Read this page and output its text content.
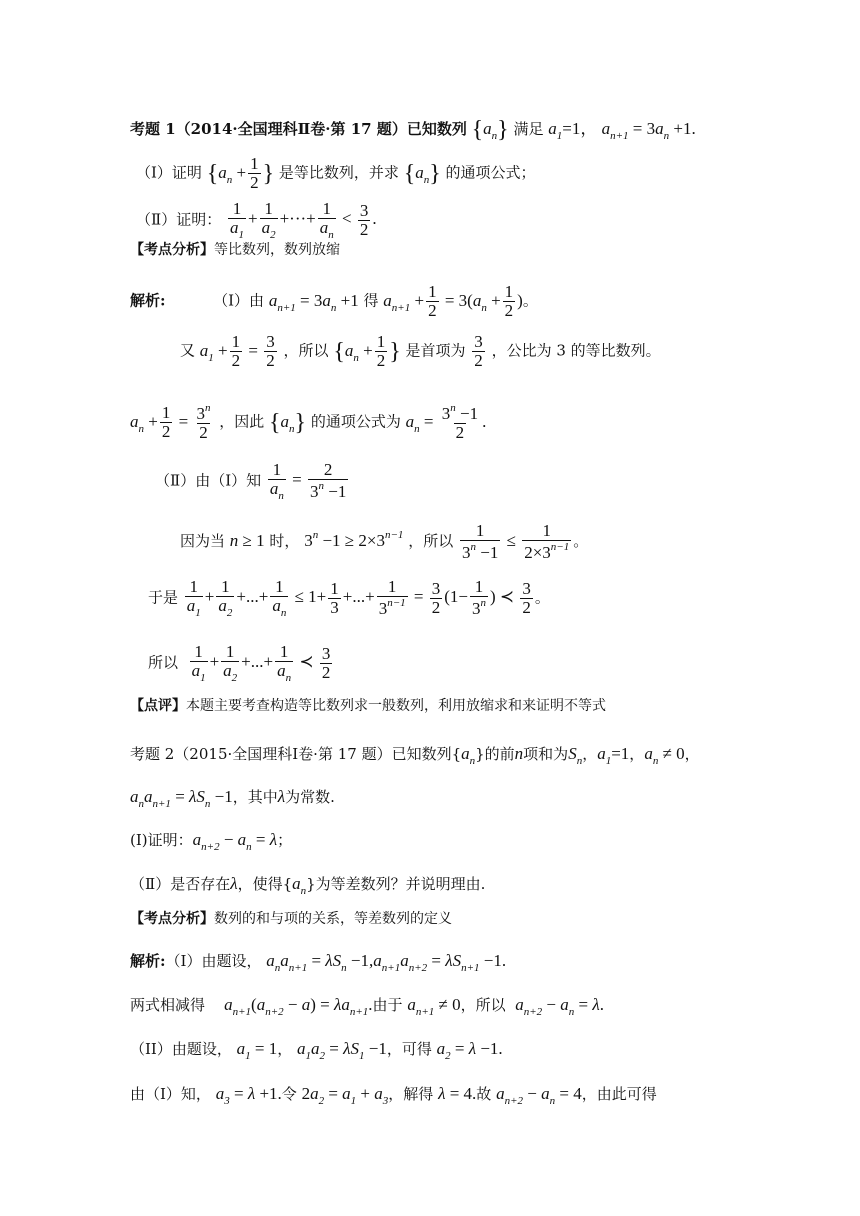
考题 1（2014·全国理科Ⅱ卷·第 17 题）已知数列 $\{a_n\}$ 满足 $a_1=1$， $a_{n+1} = 3a_n +1$.
（Ⅰ）证明 {$a_n + \frac{1}{2}$ } 是等比数列，并求 $\{a_n\}$ 的通项公式；
（Ⅱ）证明： $\frac{1}{a_1} + \frac{1}{a_2}$ +···+ $\frac{1}{a_n} < \frac{3}{2}$ .
【考点分析】等比数列，数列放缩
解析:	（I）由 $a_{n+1} = 3a_n +1$ 得 $a_{n+1} + \frac{1}{2} = 3(a_n + \frac{1}{2}$ )。
又 $a_1 + \frac{1}{2} = \frac{3}{2}$ ，所以 {$a_n + \frac{1}{2}$ } 是首项为 $\frac{3}{2}$ ，公比为 3 的等比数列。
$a_n + \frac{1}{2} = \frac{3^n}{2}$ ，因此 $\{a_n\}$ 的通项公式为 $a_n = \frac{3^n -1}{2}$ .
（Ⅱ）由（I）知 $\frac{1}{a_n} = \frac{2}{3^n -1}$
因为当 n ≥ 1 时， $3^n -1 \ge 2\times 3^{n-1}$ ，所以 $\frac{1}{3^n -1} \le \frac{1}{2\times 3^{n-1}}$ 。
于是 $\frac{1}{a_1} + \frac{1}{a_2}$ +...+ $\frac{1}{a_n} \le 1+ \frac{1}{3}$ +...+ $\frac{1}{3^{n-1}} = \frac{3}{2} (1- \frac{1}{3^n}$ ) ≺ $\frac{3}{2}$ 。
所以 $\frac{1}{a_1} + \frac{1}{a_2}$ +...+ $\frac{1}{a_n}$ ≺ $\frac{3}{2}$
【点评】本题主要考查构造等比数列求一般数列，利用放缩求和来证明不等式
考题 2（2015·全国理科Ⅰ卷·第 17 题）已知数列$\{a_n\}$的前n项和为$S_n$，$a_1=1$，$a_n \ne 0$，
$a_na_{n+1} = \lambda S_n -1$，其中λ为常数.
(Ⅰ)证明：$a_{n+2} - a_n = \lambda$；
（Ⅱ）是否存在λ，使得$\{a_n\}$为等差数列？并说明理由.
【考点分析】数列的和与项的关系，等差数列的定义
解析:（I）由题设， $a_na_{n+1} = \lambda S_n -1,a_{n+1}a_{n+2} = \lambda S_{n+1} -1$.
两式相减得 $a_{n+1}(a_{n+2} - a) = \lambda a_{n+1}$.由于 $a_{n+1} \ne 0$，所以 $a_{n+2} - a_n = \lambda$.
（II）由题设， $a_1 = 1$， $a_1a_2 = \lambda S_1 -1$，可得 $a_2 = \lambda -1$.
由（I）知， $a_3 = \lambda +1$.令 $2a_2 = a_1 + a_3$，解得 λ = 4.故 $a_{n+2} - a_n = 4$，由此可得
